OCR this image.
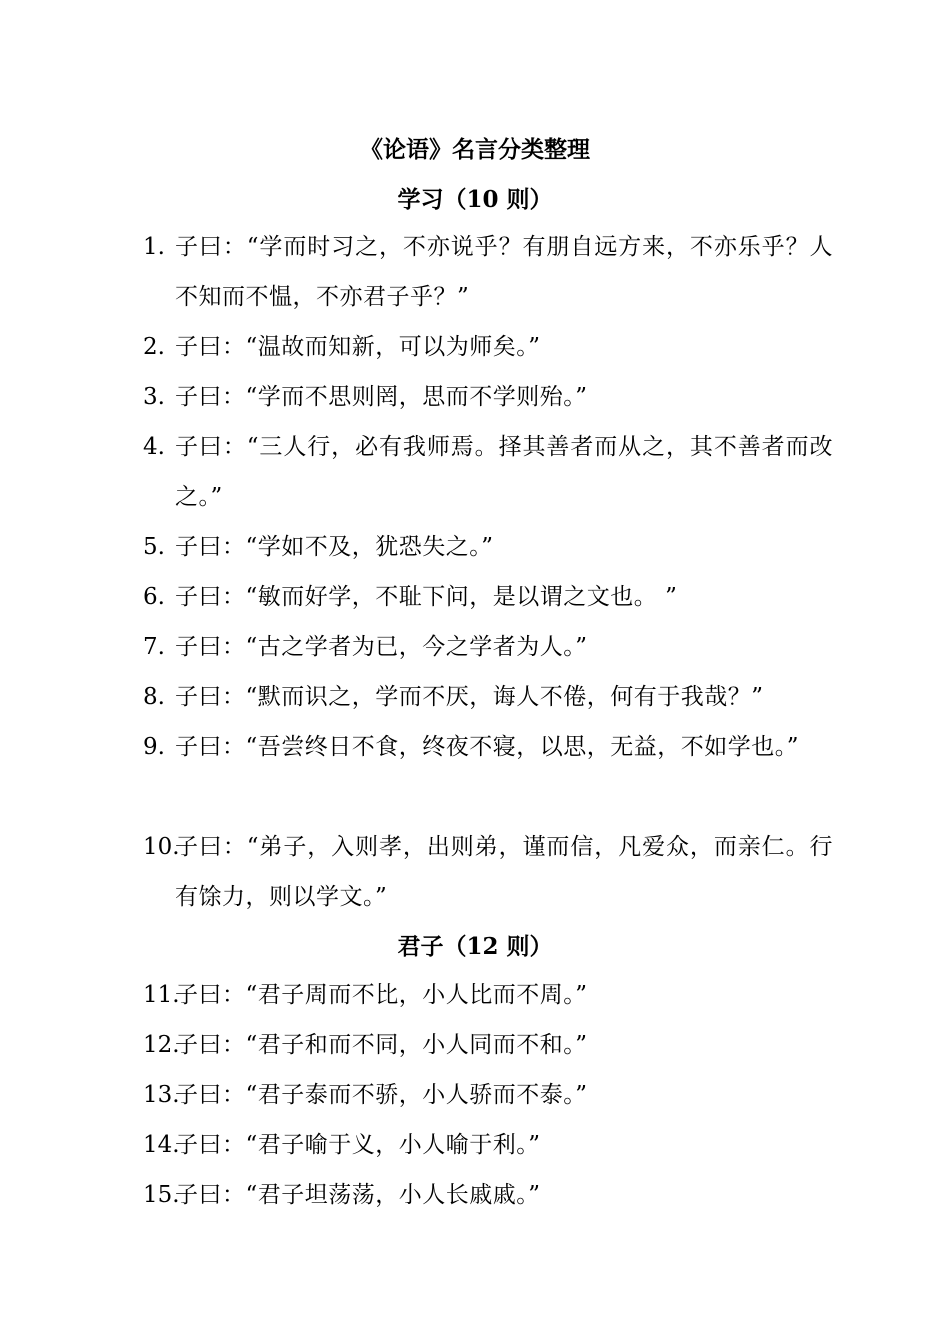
《论语》名言分类整理
学习（10 则）
1. 子曰：“学而时习之，不亦说乎？有朋自远方来，不亦乐乎？人不知而不愠，不亦君子乎？”
2. 子曰：“温故而知新，可以为师矣。”
3. 子曰：“学而不思则罔，思而不学则殆。”
4. 子曰：“三人行，必有我师焉。择其善者而从之，其不善者而改之。”
5. 子曰：“学如不及，犹恐失之。”
6. 子曰：“敏而好学，不耻下问，是以谓之文也。 ”
7. 子曰：“古之学者为已，今之学者为人。”
8. 子曰：“默而识之，学而不厌，诲人不倦，何有于我哉？”
9. 子曰：“吾尝终日不食，终夜不寝，以思，无益，不如学也。”
10.
子曰：“弟子，入则孝，出则弟，谨而信，凡爱众，而亲仁。行有馀力，则以学文。”
君子（12 则）
11.
子曰：“君子周而不比，小人比而不周。”
12.
子曰：“君子和而不同，小人同而不和。”
13.
子曰：“君子泰而不骄，小人骄而不泰。”
14.
子曰：“君子喻于义，小人喻于利。”
15.
子曰：“君子坦荡荡，小人长戚戚。”
